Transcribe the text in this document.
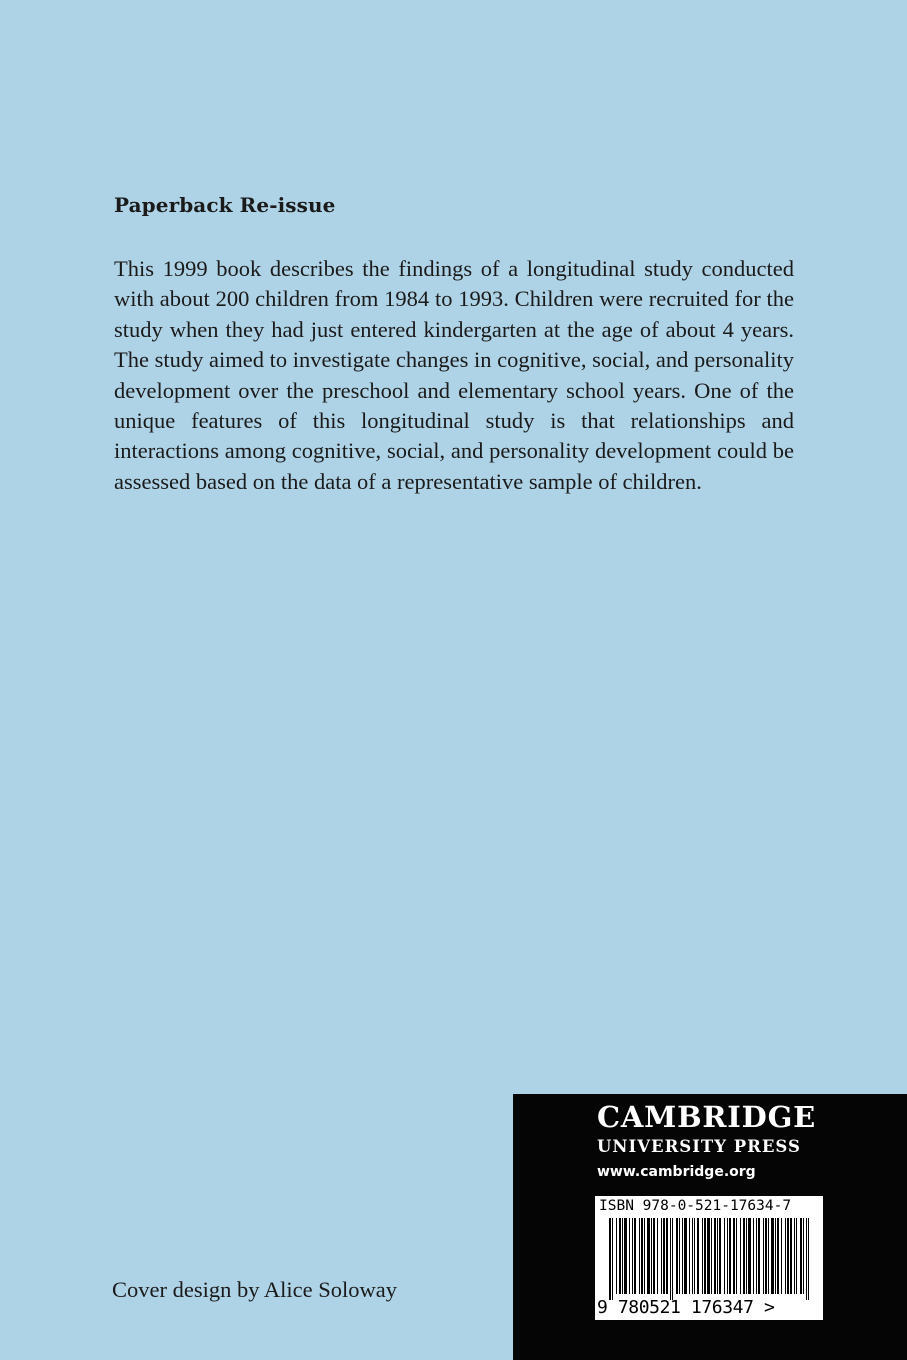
Paperback Re-issue

This 1999 book describes the findings of a longitudinal study conducted with about 200 children from 1984 to 1993. Children were recruited for the study when they had just entered kindergarten at the age of about 4 years. The study aimed to investigate changes in cognitive, social, and personality development over the preschool and elementary school years. One of the unique features of this longitudinal study is that relationships and interactions among cognitive, social, and personality development could be assessed based on the data of a representative sample of children.

Cover design by Alice Soloway
CAMBRIDGE
UNIVERSITY PRESS
www.cambridge.org
ISBN 978-0-521-17634-7
9 780521 176347 >
